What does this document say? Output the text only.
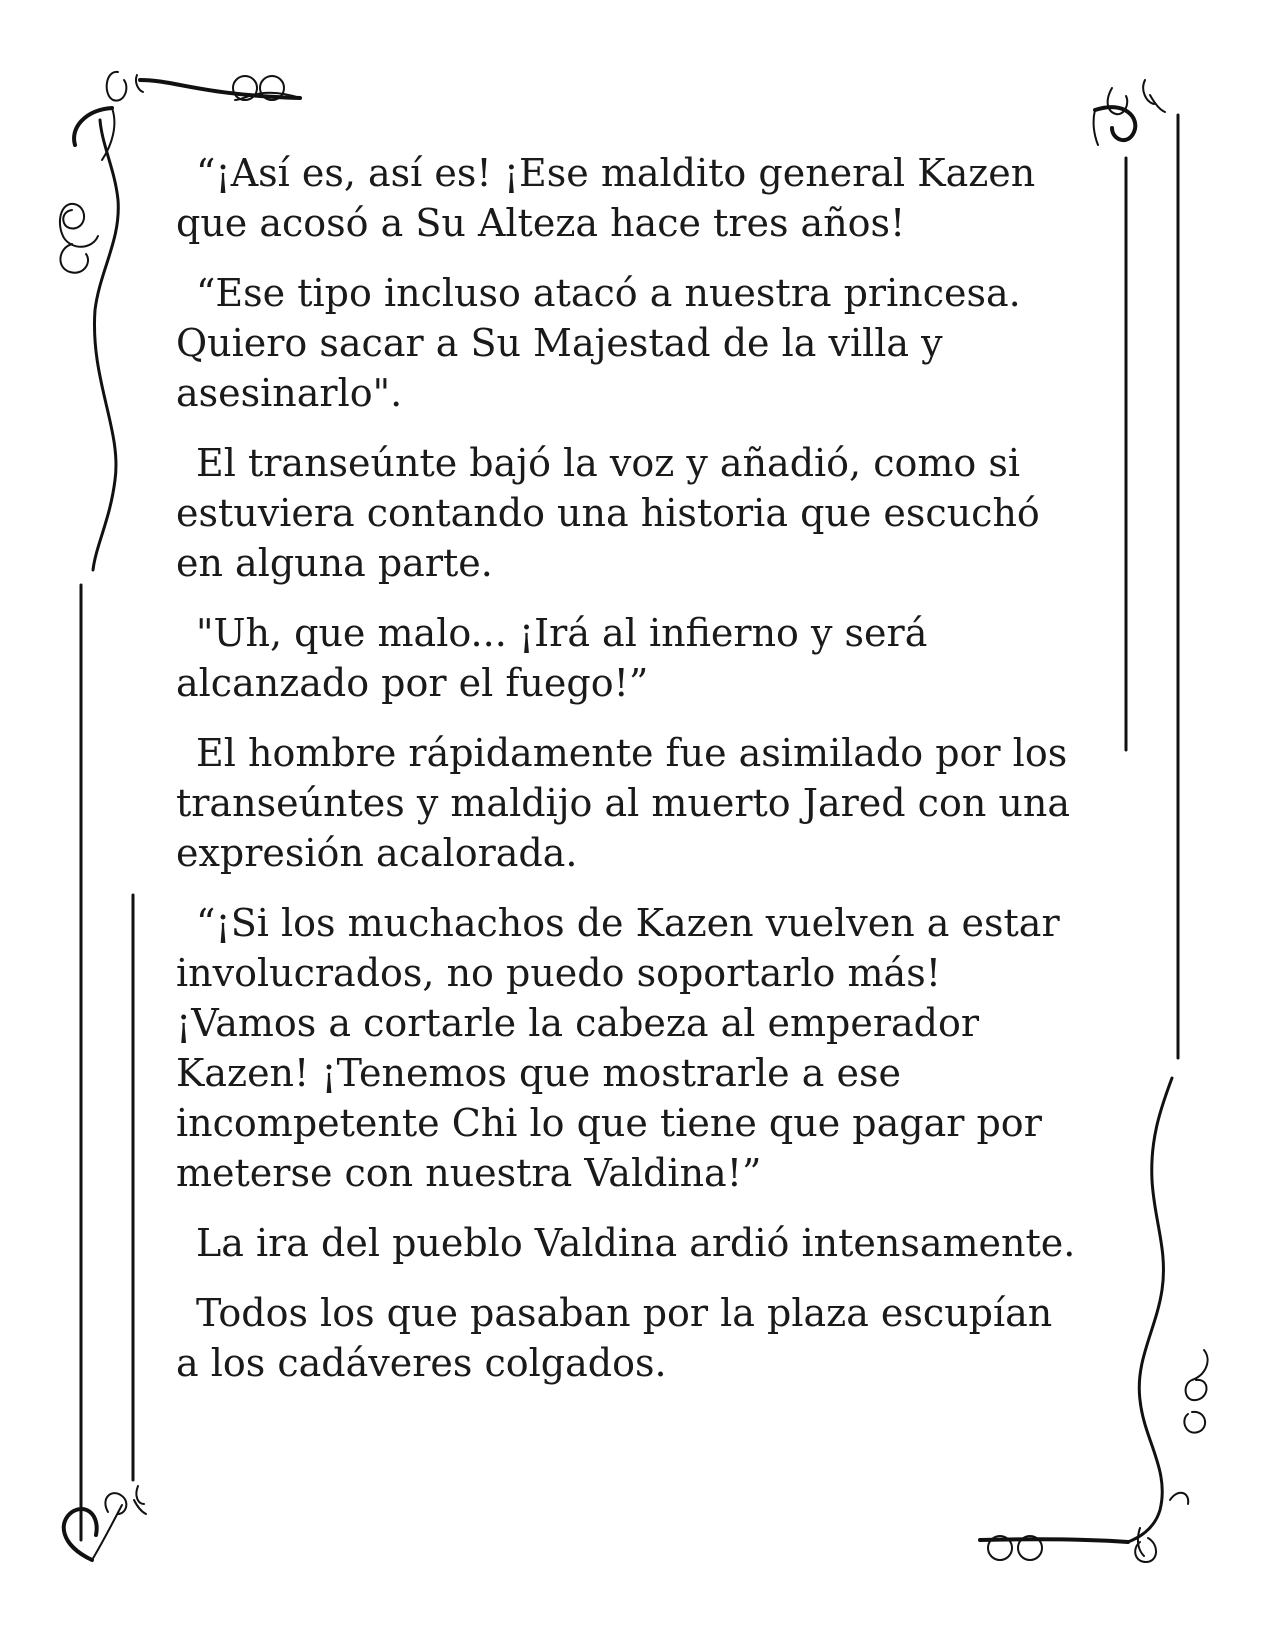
“¡Así es, así es! ¡Ese maldito general Kazen que acosó a Su Alteza hace tres años!

“Ese tipo incluso atacó a nuestra princesa. Quiero sacar a Su Majestad de la villa y asesinarlo".

El transeúnte bajó la voz y añadió, como si estuviera contando una historia que escuchó en alguna parte.

"Uh, que malo... ¡Irá al infierno y será alcanzado por el fuego!”

El hombre rápidamente fue asimilado por los transeúntes y maldijo al muerto Jared con una expresión acalorada.

“¡Si los muchachos de Kazen vuelven a estar involucrados, no puedo soportarlo más! ¡Vamos a cortarle la cabeza al emperador Kazen! ¡Tenemos que mostrarle a ese incompetente Chi lo que tiene que pagar por meterse con nuestra Valdina!”

La ira del pueblo Valdina ardió intensamente.

Todos los que pasaban por la plaza escupían a los cadáveres colgados.
